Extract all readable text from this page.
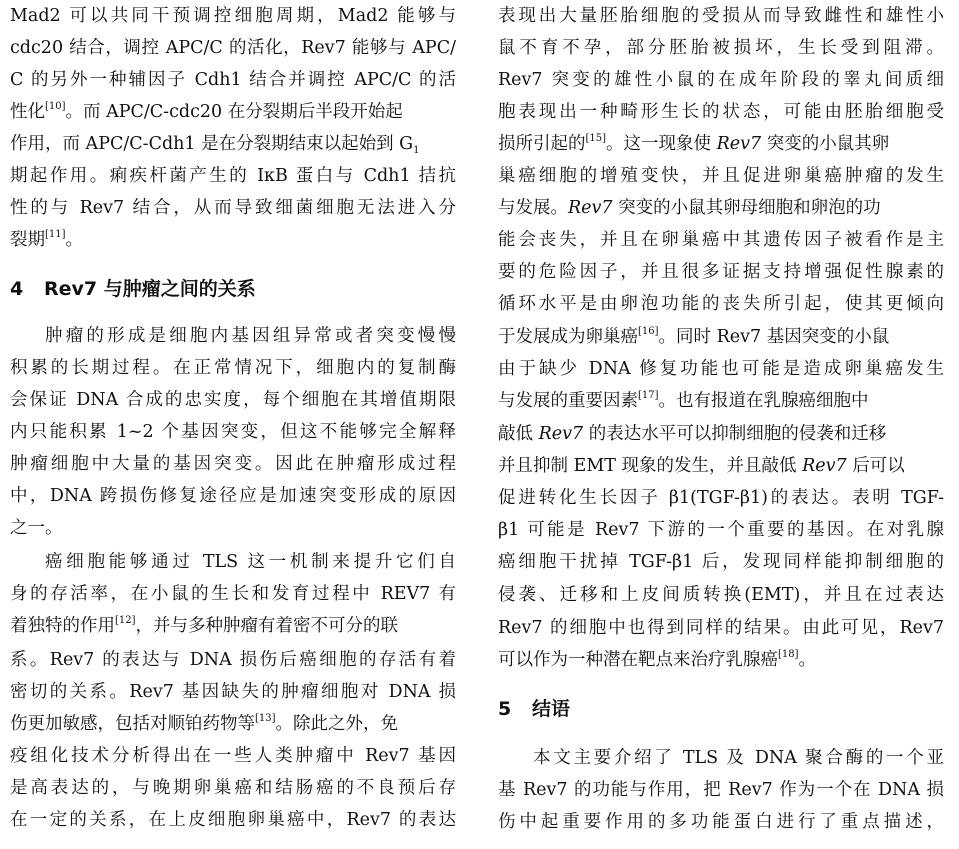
Mad2 可以共同干预调控细胞周期，Mad2 能够与
cdc20 结合，调控 APC/C 的活化，Rev7 能够与 APC/
C 的另外一种辅因子 Cdh1 结合并调控 APC/C 的活
性化[10]。而 APC/C-cdc20 在分裂期后半段开始起
作用，而 APC/C-Cdh1 是在分裂期结束以起始到 $G_1$
期起作用。痢疾杆菌产生的 IκB 蛋白与 Cdh1 拮抗
性的与 Rev7 结合，从而导致细菌细胞无法进入分
裂期[11]。
4 Rev7 与肿瘤之间的关系
肿瘤的形成是细胞内基因组异常或者突变慢慢
积累的长期过程。在正常情况下，细胞内的复制酶
会保证 DNA 合成的忠实度，每个细胞在其增值期限
内只能积累 1~2 个基因突变，但这不能够完全解释
肿瘤细胞中大量的基因突变。因此在肿瘤形成过程
中，DNA 跨损伤修复途径应是加速突变形成的原因
之一。
癌细胞能够通过 TLS 这一机制来提升它们自
身的存活率，在小鼠的生长和发育过程中 REV7 有
着独特的作用[12]，并与多种肿瘤有着密不可分的联
系。Rev7 的表达与 DNA 损伤后癌细胞的存活有着
密切的关系。Rev7 基因缺失的肿瘤细胞对 DNA 损
伤更加敏感，包括对顺铂药物等[13]。除此之外，免
疫组化技术分析得出在一些人类肿瘤中 Rev7 基因
是高表达的，与晚期卵巢癌和结肠癌的不良预后存
在一定的关系，在上皮细胞卵巢癌中，Rev7 的表达
表现出大量胚胎细胞的受损从而导致雌性和雄性小
鼠不育不孕，部分胚胎被损坏，生长受到阻滞。
Rev7 突变的雄性小鼠的在成年阶段的睾丸间质细
胞表现出一种畸形生长的状态，可能由胚胎细胞受
损所引起的[15]。这一现象使 Rev7 突变的小鼠其卵
巢癌细胞的增殖变快，并且促进卵巢癌肿瘤的发生
与发展。Rev7 突变的小鼠其卵母细胞和卵泡的功
能会丧失，并且在卵巢癌中其遗传因子被看作是主
要的危险因子，并且很多证据支持增强促性腺素的
循环水平是由卵泡功能的丧失所引起，使其更倾向
于发展成为卵巢癌[16]。同时 Rev7 基因突变的小鼠
由于缺少 DNA 修复功能也可能是造成卵巢癌发生
与发展的重要因素[17]。也有报道在乳腺癌细胞中
敲低 Rev7 的表达水平可以抑制细胞的侵袭和迁移
并且抑制 EMT 现象的发生，并且敲低 Rev7 后可以
促进转化生长因子 β1(TGF-β1)的表达。表明 TGF-
β1 可能是 Rev7 下游的一个重要的基因。在对乳腺
癌细胞干扰掉 TGF-β1 后，发现同样能抑制细胞的
侵袭、迁移和上皮间质转换(EMT)，并且在过表达
Rev7 的细胞中也得到同样的结果。由此可见，Rev7
可以作为一种潜在靶点来治疗乳腺癌[18]。
5 结语
本文主要介绍了 TLS 及 DNA 聚合酶的一个亚
基 Rev7 的功能与作用，把 Rev7 作为一个在 DNA 损
伤中起重要作用的多功能蛋白进行了重点描述，
